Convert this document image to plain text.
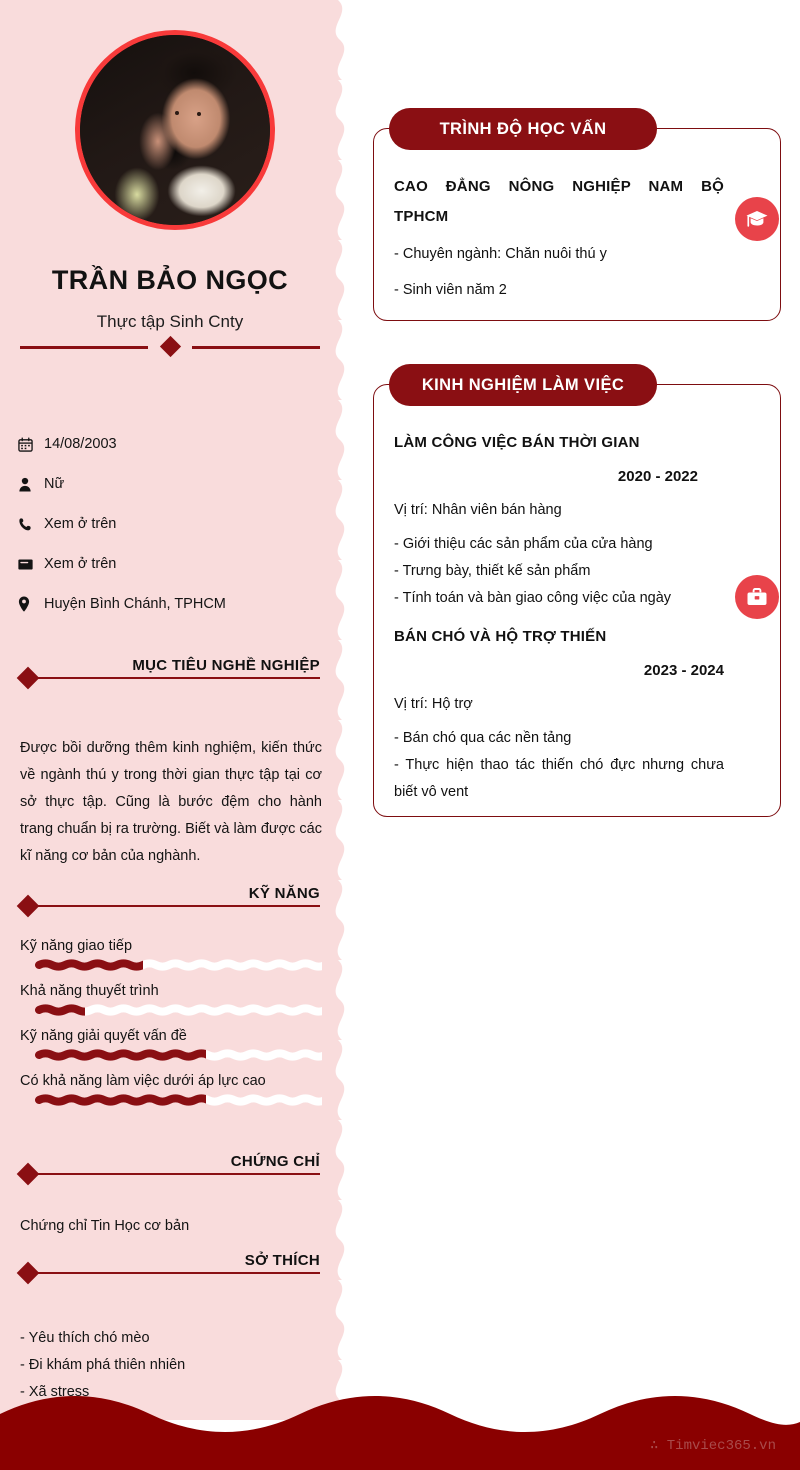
TRẦN BẢO NGỌC
Thực tập Sinh Cnty
14/08/2003
Nữ
Xem ở trên
Xem ở trên
Huyện Bình Chánh, TPHCM
MỤC TIÊU NGHỀ NGHIỆP
Được bồi dưỡng thêm kinh nghiệm, kiến thức về ngành thú y trong thời gian thực tập tại cơ sở thực tập. Cũng là bước đệm cho hành trang chuẩn bị ra trường. Biết và làm được các kĩ năng cơ bản của nghành.
KỸ NĂNG
Kỹ năng giao tiếp
Khả năng thuyết trình
Kỹ năng giải quyết vấn đề
Có khả năng làm việc dưới áp lực cao
CHỨNG CHỈ
Chứng chỉ Tin Học cơ bản
SỞ THÍCH
- Yêu thích chó mèo
- Đi khám phá thiên nhiên
- Xã stress
TRÌNH ĐỘ HỌC VẤN
CAO ĐẲNG NÔNG NGHIỆP NAM BỘ
TPHCM
- Chuyên ngành: Chăn nuôi thú y
- Sinh viên năm 2
KINH NGHIỆM LÀM VIỆC
LÀM CÔNG VIỆC BÁN THỜI GIAN
2020 - 2022
Vị trí: Nhân viên bán hàng
- Giới thiệu các sản phẩm của cửa hàng
- Trưng bày, thiết kế sản phẩm
- Tính toán và bàn giao công việc của ngày
BÁN CHÓ VÀ HỘ TRỢ THIẾN
2023 - 2024
Vị trí: Hộ trợ
- Bán chó qua các nền tảng
- Thực hiện thao tác thiến chó đực nhưng chưa biết vô vent
∴ Timviec365.vn
